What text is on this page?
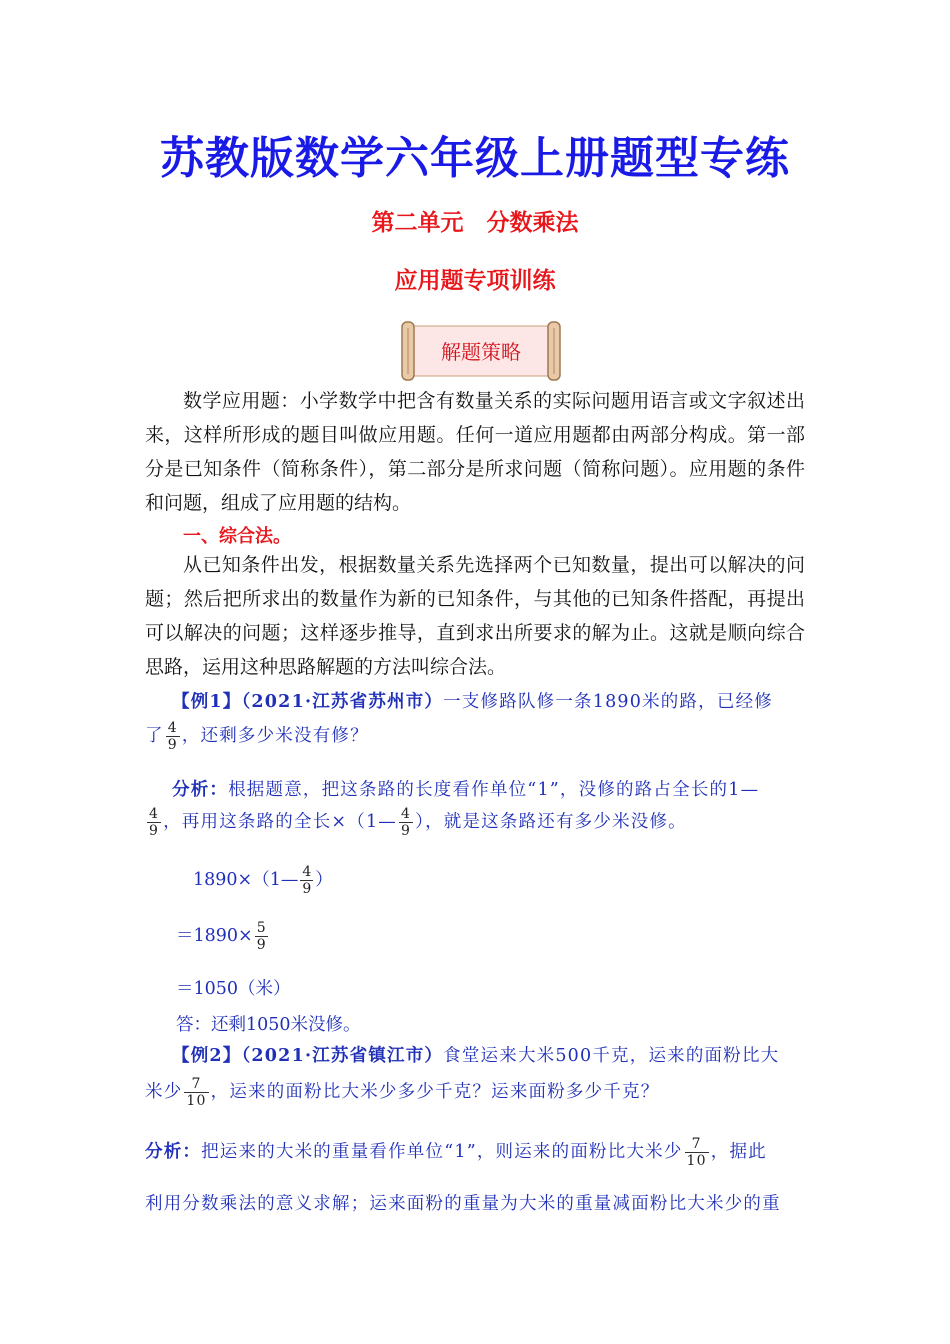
苏教版数学六年级上册题型专练
第二单元　分数乘法
应用题专项训练
解题策略
数学应用题：小学数学中把含有数量关系的实际问题用语言或文字叙述出来，这样所形成的题目叫做应用题。任何一道应用题都由两部分构成。第一部分是已知条件（简称条件），第二部分是所求问题（简称问题）。应用题的条件和问题，组成了应用题的结构。
一、综合法。
从已知条件出发，根据数量关系先选择两个已知数量，提出可以解决的问题；然后把所求出的数量作为新的已知条件，与其他的已知条件搭配，再提出可以解决的问题；这样逐步推导，直到求出所要求的解为止。这就是顺向综合思路，运用这种思路解题的方法叫综合法。
【例1】（2021·江苏省苏州市）一支修路队修一条1890米的路，已经修
了 $\frac{4}{9}$ ，还剩多少米没有修？
分析：根据题意，把这条路的长度看作单位“1”，没修的路占全长的1—
$\frac{4}{9}$ ，再用这条路的全长×（1— $\frac{4}{9}$ ），就是这条路还有多少米没修。
1890×（1— $\frac{4}{9}$ ）
$=1890\times \frac{5}{9}$
＝1050（米）
答：还剩1050米没修。
【例2】（2021·江苏省镇江市）食堂运来大米500千克，运来的面粉比大
米少 $\frac{7}{10}$ ，运来的面粉比大米少多少千克？运来面粉多少千克？
分析：把运来的大米的重量看作单位“1”，则运来的面粉比大米少 $\frac{7}{10}$ ，据此
利用分数乘法的意义求解；运来面粉的重量为大米的重量减面粉比大米少的重
